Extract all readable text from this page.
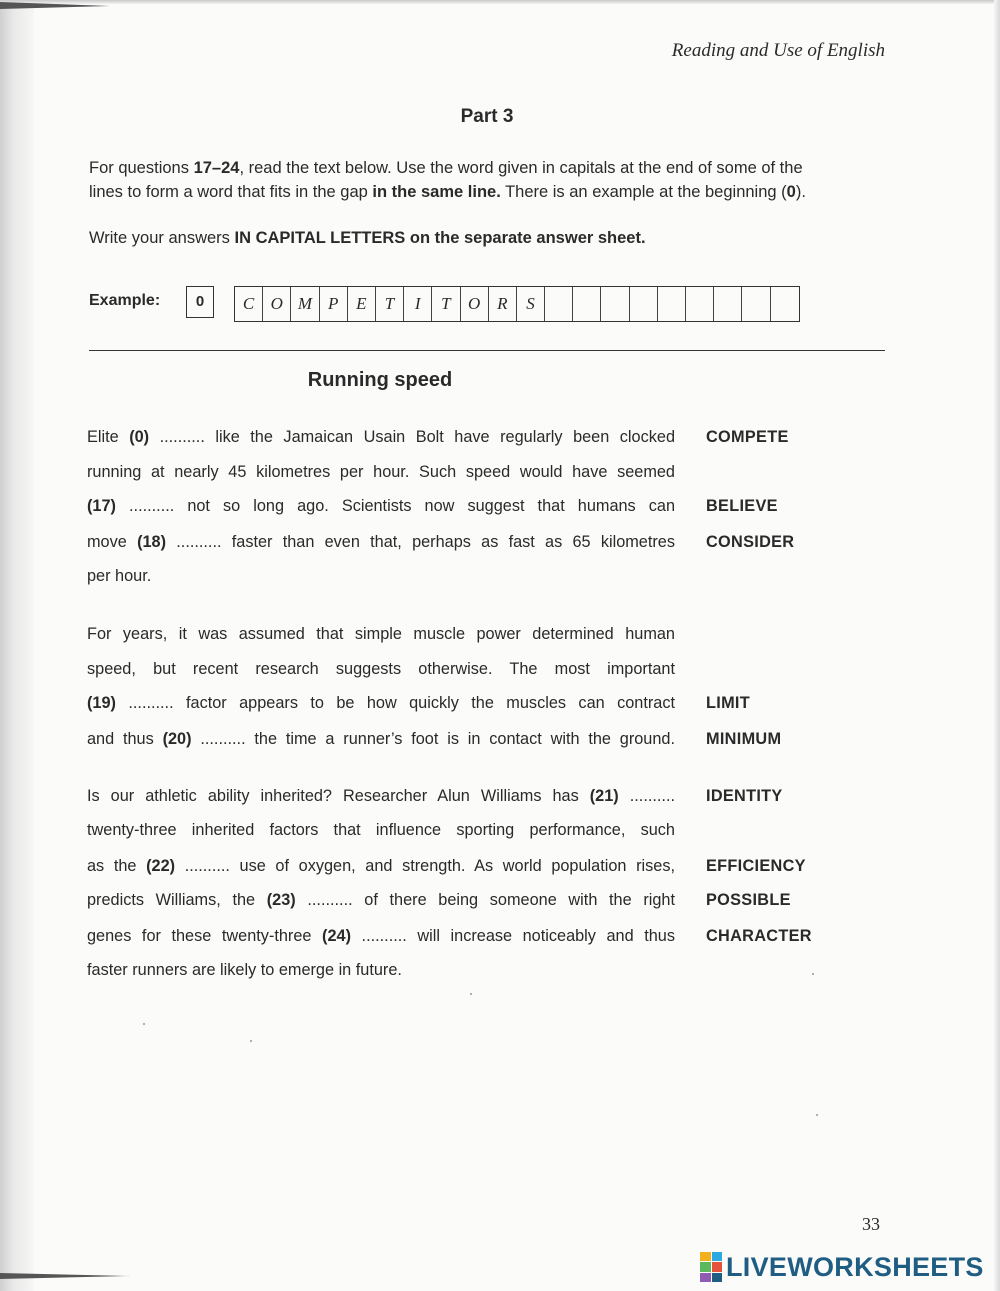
Reading and Use of English
Part 3
For questions 17–24, read the text below. Use the word given in capitals at the end of some of the
lines to form a word that fits in the gap in the same line. There is an example at the beginning (0).
Write your answers IN CAPITAL LETTERS on the separate answer sheet.
Example:	0	C O M P	E	T	I	T	O R	S
Running speed
Elite (0) .......... like the Jamaican Usain Bolt have regularly been clocked COMPETE
running at nearly 45 kilometres per hour. Such speed would have seemed
(17) .......... not so long ago. Scientists now suggest that humans can BELIEVE
move (18) .......... faster than even that, perhaps as fast as 65 kilometres CONSIDER
per hour.
For years, it was assumed that simple muscle power determined human
speed, but recent research suggests otherwise. The most important
(19) .......... factor appears to be how quickly the muscles can contract LIMIT
and thus (20) .......... the time a runner’s foot is in contact with the ground. MINIMUM
Is our athletic ability inherited? Researcher Alun Williams has (21) .......... IDENTITY
twenty-three inherited factors that influence sporting performance, such
as the (22) .......... use of oxygen, and strength. As world population rises, EFFICIENCY
predicts Williams, the (23) .......... of there being someone with the right POSSIBLE
genes for these twenty-three (24) .......... will increase noticeably and thus CHARACTER
faster runners are likely to emerge in future.
33
LIVEWORKSHEETS
